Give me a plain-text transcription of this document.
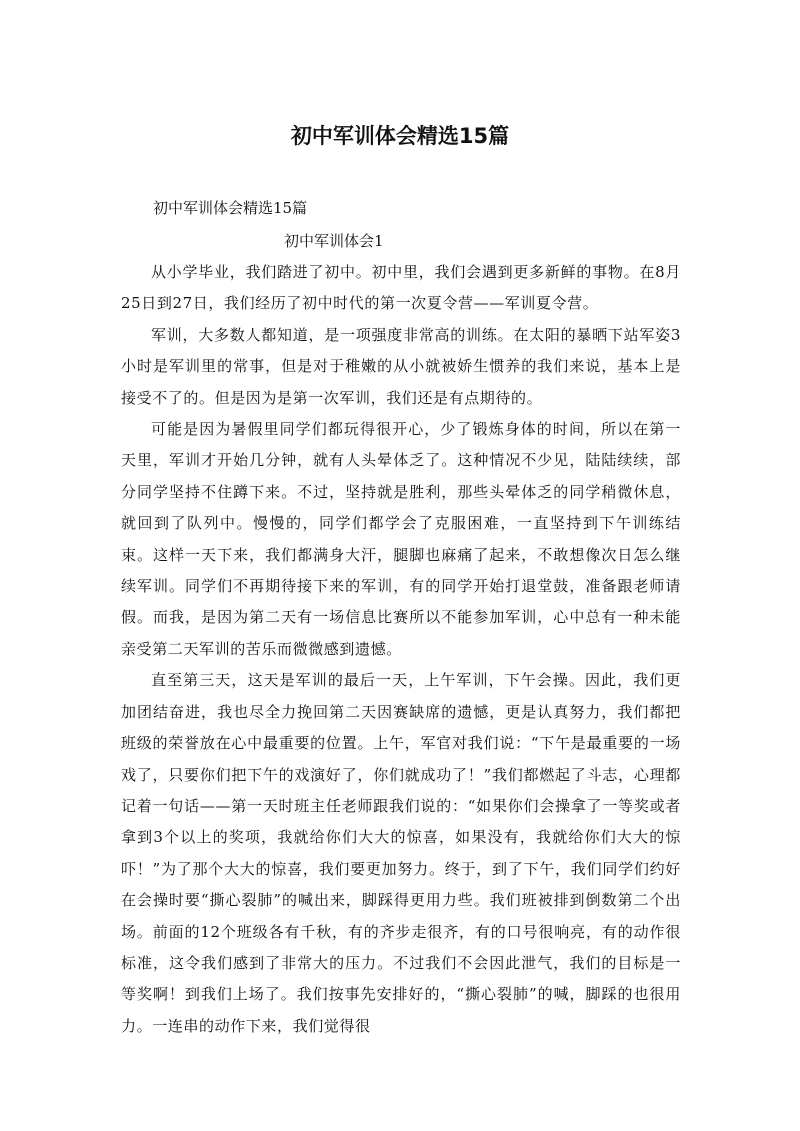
初中军训体会精选15篇

初中军训体会精选15篇

初中军训体会1

从小学毕业，我们踏进了初中。初中里，我们会遇到更多新鲜的事物。在8月25日到27日，我们经历了初中时代的第一次夏令营——军训夏令营。

军训，大多数人都知道，是一项强度非常高的训练。在太阳的暴晒下站军姿3小时是军训里的常事，但是对于稚嫩的从小就被娇生惯养的我们来说，基本上是接受不了的。但是因为是第一次军训，我们还是有点期待的。

可能是因为暑假里同学们都玩得很开心，少了锻炼身体的时间，所以在第一天里，军训才开始几分钟，就有人头晕体乏了。这种情况不少见，陆陆续续，部分同学坚持不住蹲下来。不过，坚持就是胜利，那些头晕体乏的同学稍微休息，就回到了队列中。慢慢的，同学们都学会了克服困难，一直坚持到下午训练结束。这样一天下来，我们都满身大汗，腿脚也麻痛了起来，不敢想像次日怎么继续军训。同学们不再期待接下来的军训，有的同学开始打退堂鼓，准备跟老师请假。而我，是因为第二天有一场信息比赛所以不能参加军训，心中总有一种未能亲受第二天军训的苦乐而微微感到遗憾。

直至第三天，这天是军训的最后一天，上午军训，下午会操。因此，我们更加团结奋进，我也尽全力挽回第二天因赛缺席的遗憾，更是认真努力，我们都把班级的荣誉放在心中最重要的位置。上午，军官对我们说：“下午是最重要的一场戏了，只要你们把下午的戏演好了，你们就成功了！”我们都燃起了斗志，心理都记着一句话——第一天时班主任老师跟我们说的：“如果你们会操拿了一等奖或者拿到3个以上的奖项，我就给你们大大的惊喜，如果没有，我就给你们大大的惊吓！”为了那个大大的惊喜，我们要更加努力。终于，到了下午，我们同学们约好在会操时要“撕心裂肺”的喊出来，脚踩得更用力些。我们班被排到倒数第二个出场。前面的12个班级各有千秋，有的齐步走很齐，有的口号很响亮，有的动作很标准，这令我们感到了非常大的压力。不过我们不会因此泄气，我们的目标是一等奖啊！到我们上场了。我们按事先安排好的，“撕心裂肺”的喊，脚踩的也很用力。一连串的动作下来，我们觉得很
